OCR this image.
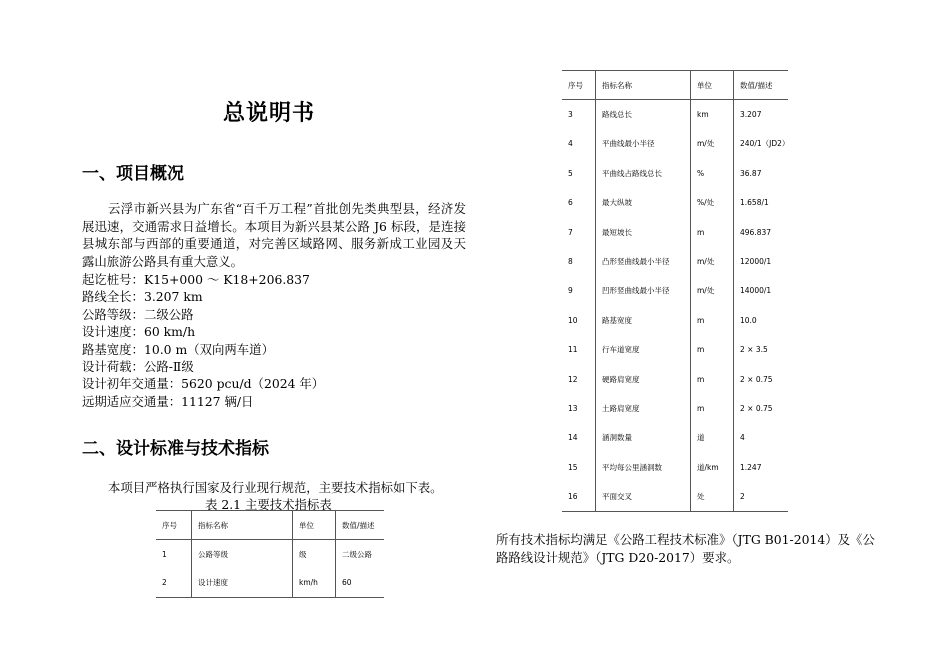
总说明书
一、项目概况
云浮市新兴县为广东省“百千万工程”首批创先类典型县，经济发展迅速，交通需求日益增长。本项目为新兴县某公路 J6 标段，是连接县城东部与西部的重要通道，对完善区域路网、服务新成工业园及天露山旅游公路具有重大意义。
起讫桩号：K15+000 ～ K18+206.837
路线全长：3.207 km
公路等级：二级公路
设计速度：60 km/h
路基宽度：10.0 m（双向两车道）
设计荷载：公路-Ⅱ级
设计初年交通量：5620 pcu/d（2024 年）
远期适应交通量：11127 辆/日
二、设计标准与技术指标
本项目严格执行国家及行业现行规范，主要技术指标如下表。
表 2.1 主要技术指标表
序号	指标名称	单位	数值/描述
1	公路等级	级	二级公路
2	设计速度	km/h	60
序号	指标名称	单位	数值/描述
3	路线总长	km	3.207
4	平曲线最小半径	m/处	240/1（JD2）
5	平曲线占路线总长	%	36.87
6	最大纵坡	%/处	1.658/1
7	最短坡长	m	496.837
8	凸形竖曲线最小半径	m/处	12000/1
9	凹形竖曲线最小半径	m/处	14000/1
10	路基宽度	m	10.0
11	行车道宽度	m	2 × 3.5
12	硬路肩宽度	m	2 × 0.75
13	土路肩宽度	m	2 × 0.75
14	涵洞数量	道	4
15	平均每公里涵洞数	道/km	1.247
16	平面交叉	处	2
所有技术指标均满足《公路工程技术标准》（JTG B01-2014）及《公路路线设计规范》（JTG D20-2017）要求。
